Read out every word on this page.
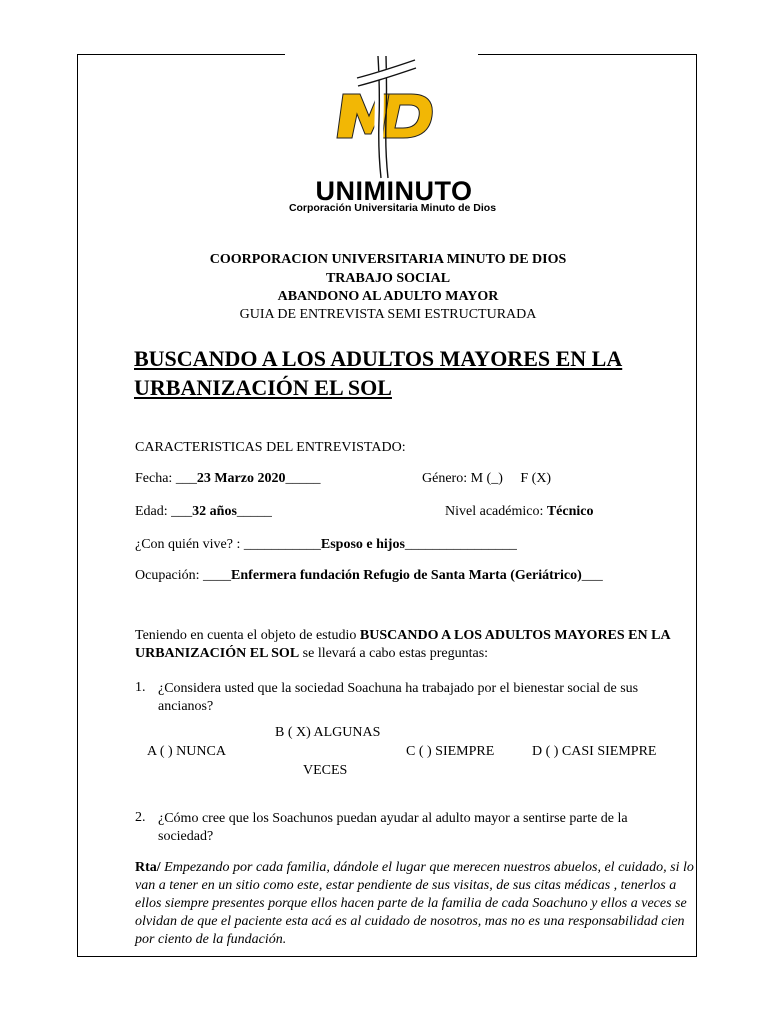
UNIMINUTO
Corporación Universitaria Minuto de Dios
COORPORACION UNIVERSITARIA MINUTO DE DIOS
TRABAJO SOCIAL
ABANDONO AL ADULTO MAYOR
GUIA DE ENTREVISTA SEMI ESTRUCTURADA
BUSCANDO A LOS ADULTOS MAYORES EN LA
URBANIZACIÓN EL SOL
CARACTERISTICAS DEL ENTREVISTADO:
Fecha: ___23 Marzo 2020_____	Género: M (_)     F (X)
Edad: ___32 años_____	Nivel académico: Técnico
¿Con quién vive? : ___________Esposo e hijos________________
Ocupación: ____Enfermera fundación Refugio de Santa Marta (Geriátrico)___
Teniendo en cuenta el objeto de estudio BUSCANDO A LOS ADULTOS MAYORES EN LA URBANIZACIÓN EL SOL se llevará a cabo estas preguntas:
1. ¿Considera usted que la sociedad Soachuna ha trabajado por el bienestar social de sus ancianos?
B ( X) ALGUNAS
A ( ) NUNCA	C ( ) SIEMPRE	D ( ) CASI SIEMPRE
VECES
2. ¿Cómo cree que los Soachunos puedan ayudar al adulto mayor a sentirse parte de la sociedad?
Rta/ Empezando por cada familia, dándole el lugar que merecen nuestros abuelos, el cuidado, si lo van a tener en un sitio como este, estar pendiente de sus visitas, de sus citas médicas , tenerlos a ellos siempre presentes porque ellos hacen parte de la familia de cada Soachuno y ellos a veces se olvidan de que el paciente esta acá es al cuidado de nosotros, mas no es una responsabilidad cien por ciento de la fundación.
